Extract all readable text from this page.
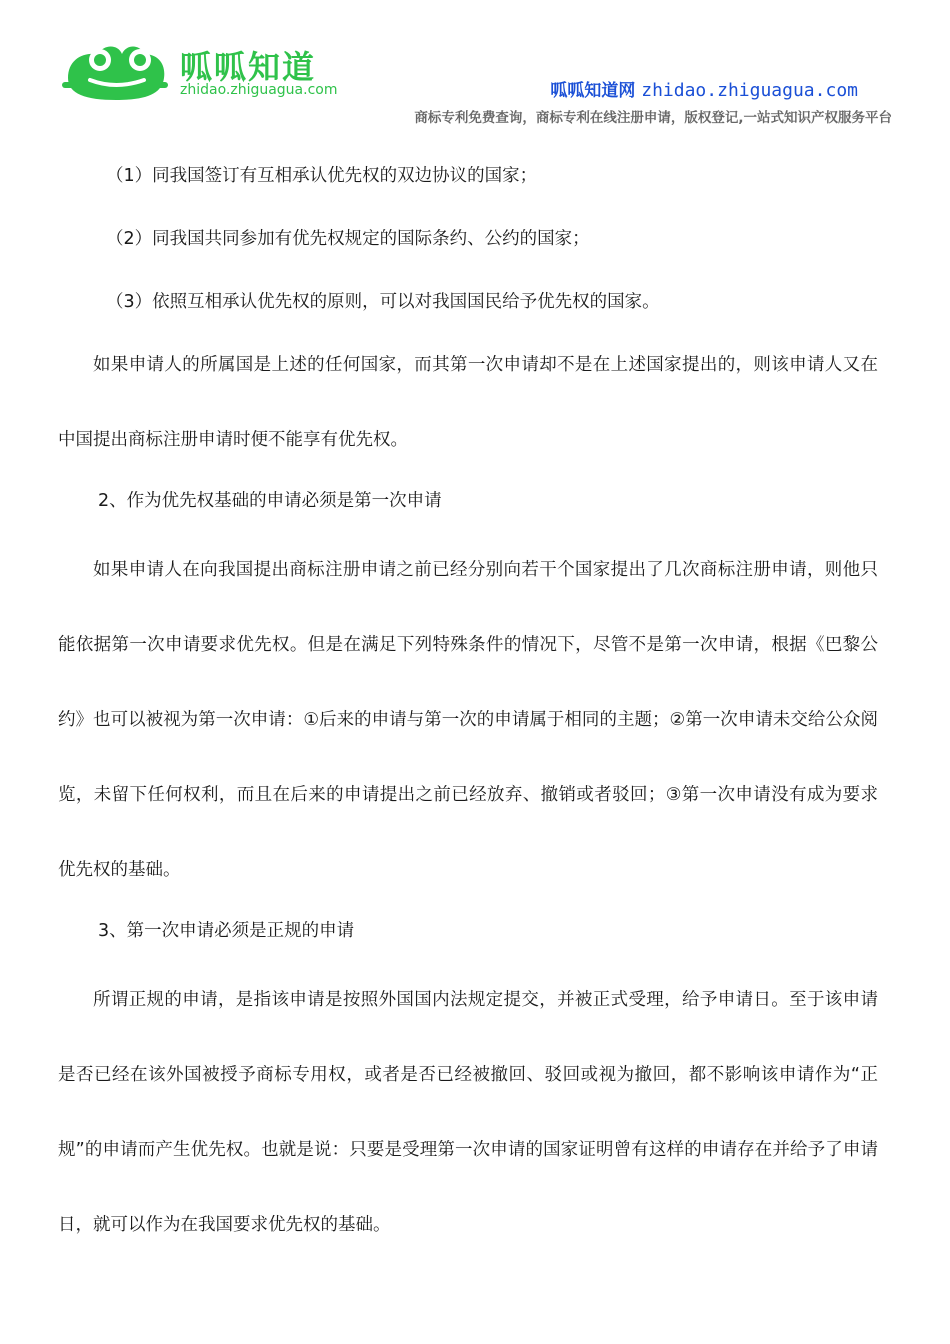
呱呱知道
zhidao.zhiguagua.com	呱呱知道网 zhidao.zhiguagua.com
商标专利免费查询，商标专利在线注册申请，版权登记,一站式知识产权服务平台

（1）同我国签订有互相承认优先权的双边协议的国家；

（2）同我国共同参加有优先权规定的国际条约、公约的国家；

（3）依照互相承认优先权的原则，可以对我国国民给予优先权的国家。

如果申请人的所属国是上述的任何国家，而其第一次申请却不是在上述国家提出的，则该申请人又在中国提出商标注册申请时便不能享有优先权。

2、作为优先权基础的申请必须是第一次申请

如果申请人在向我国提出商标注册申请之前已经分别向若干个国家提出了几次商标注册申请，则他只能依据第一次申请要求优先权。但是在满足下列特殊条件的情况下，尽管不是第一次申请，根据《巴黎公约》也可以被视为第一次申请：①后来的申请与第一次的申请属于相同的主题；②第一次申请未交给公众阅览，未留下任何权利，而且在后来的申请提出之前已经放弃、撤销或者驳回；③第一次申请没有成为要求优先权的基础。

3、第一次申请必须是正规的申请

所谓正规的申请，是指该申请是按照外国国内法规定提交，并被正式受理，给予申请日。至于该申请是否已经在该外国被授予商标专用权，或者是否已经被撤回、驳回或视为撤回，都不影响该申请作为“正规”的申请而产生优先权。也就是说：只要是受理第一次申请的国家证明曾有这样的申请存在并给予了申请日，就可以作为在我国要求优先权的基础。
